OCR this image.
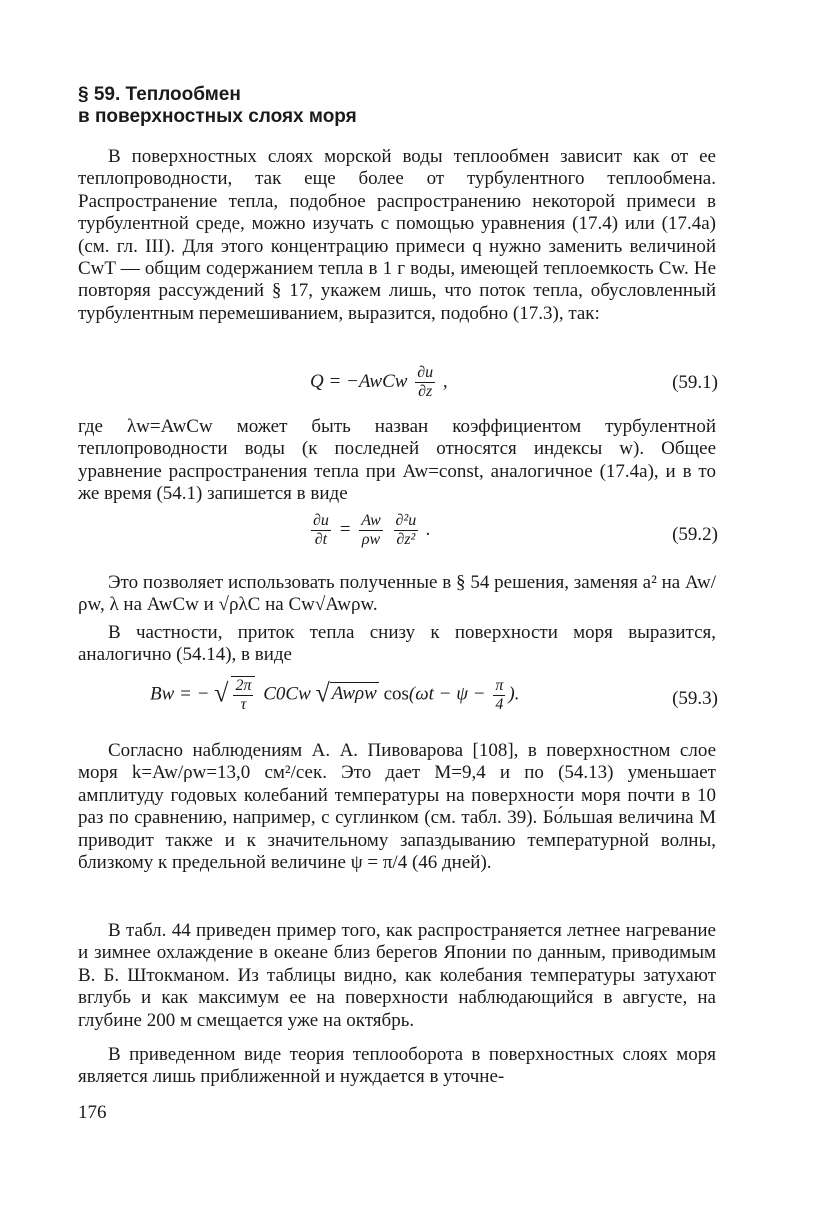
§ 59. Теплообмен
в поверхностных слоях моря
В поверхностных слоях морской воды теплообмен зависит как от ее теплопроводности, так еще более от турбулентного теплообмена. Распространение тепла, подобное распространению некоторой примеси в турбулентной среде, можно изучать с помощью уравнения (17.4) или (17.4а) (см. гл. III). Для этого концентрацию примеси q нужно заменить величиной CwT — общим содержанием тепла в 1 г воды, имеющей теплоемкость Cw. Не повторяя рассуждений § 17, укажем лишь, что поток тепла, обусловленный турбулентным перемешиванием, выразится, подобно (17.3), так:
Q = −AwCw $\frac{\partial u}{\partial z}$ ,	(59.1)
где λw=AwCw может быть назван коэффициентом турбулентной теплопроводности воды (к последней относятся индексы w). Общее уравнение распространения тепла при Aw=const, аналогичное (17.4а), и в то же время (54.1) запишется в виде
$\frac{\partial u}{\partial t} = \frac{Aw}{\rho w}$
$\frac{\text{∂²u}}{\text{∂z²}}$ .	(59.2)
Это позволяет использовать полученные в § 54 решения, заменяя a² на Aw/ρw, λ на AwCw и √ρλC на Cw√Awρw.
В частности, приток тепла снизу к поверхности моря выразится, аналогично (54.14), в виде
Bw = − √ $\frac{2\pi}{\tau} C0Cw$ √ Awρw $\cos(\omega t - \psi - \frac{\pi}{4}$ ).	(59.3)
Согласно наблюдениям А. А. Пивоварова [108], в поверхностном слое моря k=Aw/ρw=13,0 см²/сек. Это дает M=9,4 и по (54.13) уменьшает амплитуду годовых колебаний температуры на поверхности моря почти в 10 раз по сравнению, например, с суглинком (см. табл. 39). Бо́льшая величина M приводит также и к значительному запаздыванию температурной волны, близкому к предельной величине ψ = π/4 (46 дней).
В табл. 44 приведен пример того, как распространяется летнее нагревание и зимнее охлаждение в океане близ берегов Японии по данным, приводимым В. Б. Штокманом. Из таблицы видно, как колебания температуры затухают вглубь и как максимум ее на поверхности наблюдающийся в августе, на глубине 200 м смещается уже на октябрь.
В приведенном виде теория теплооборота в поверхностных слоях моря является лишь приближенной и нуждается в уточне-
176
